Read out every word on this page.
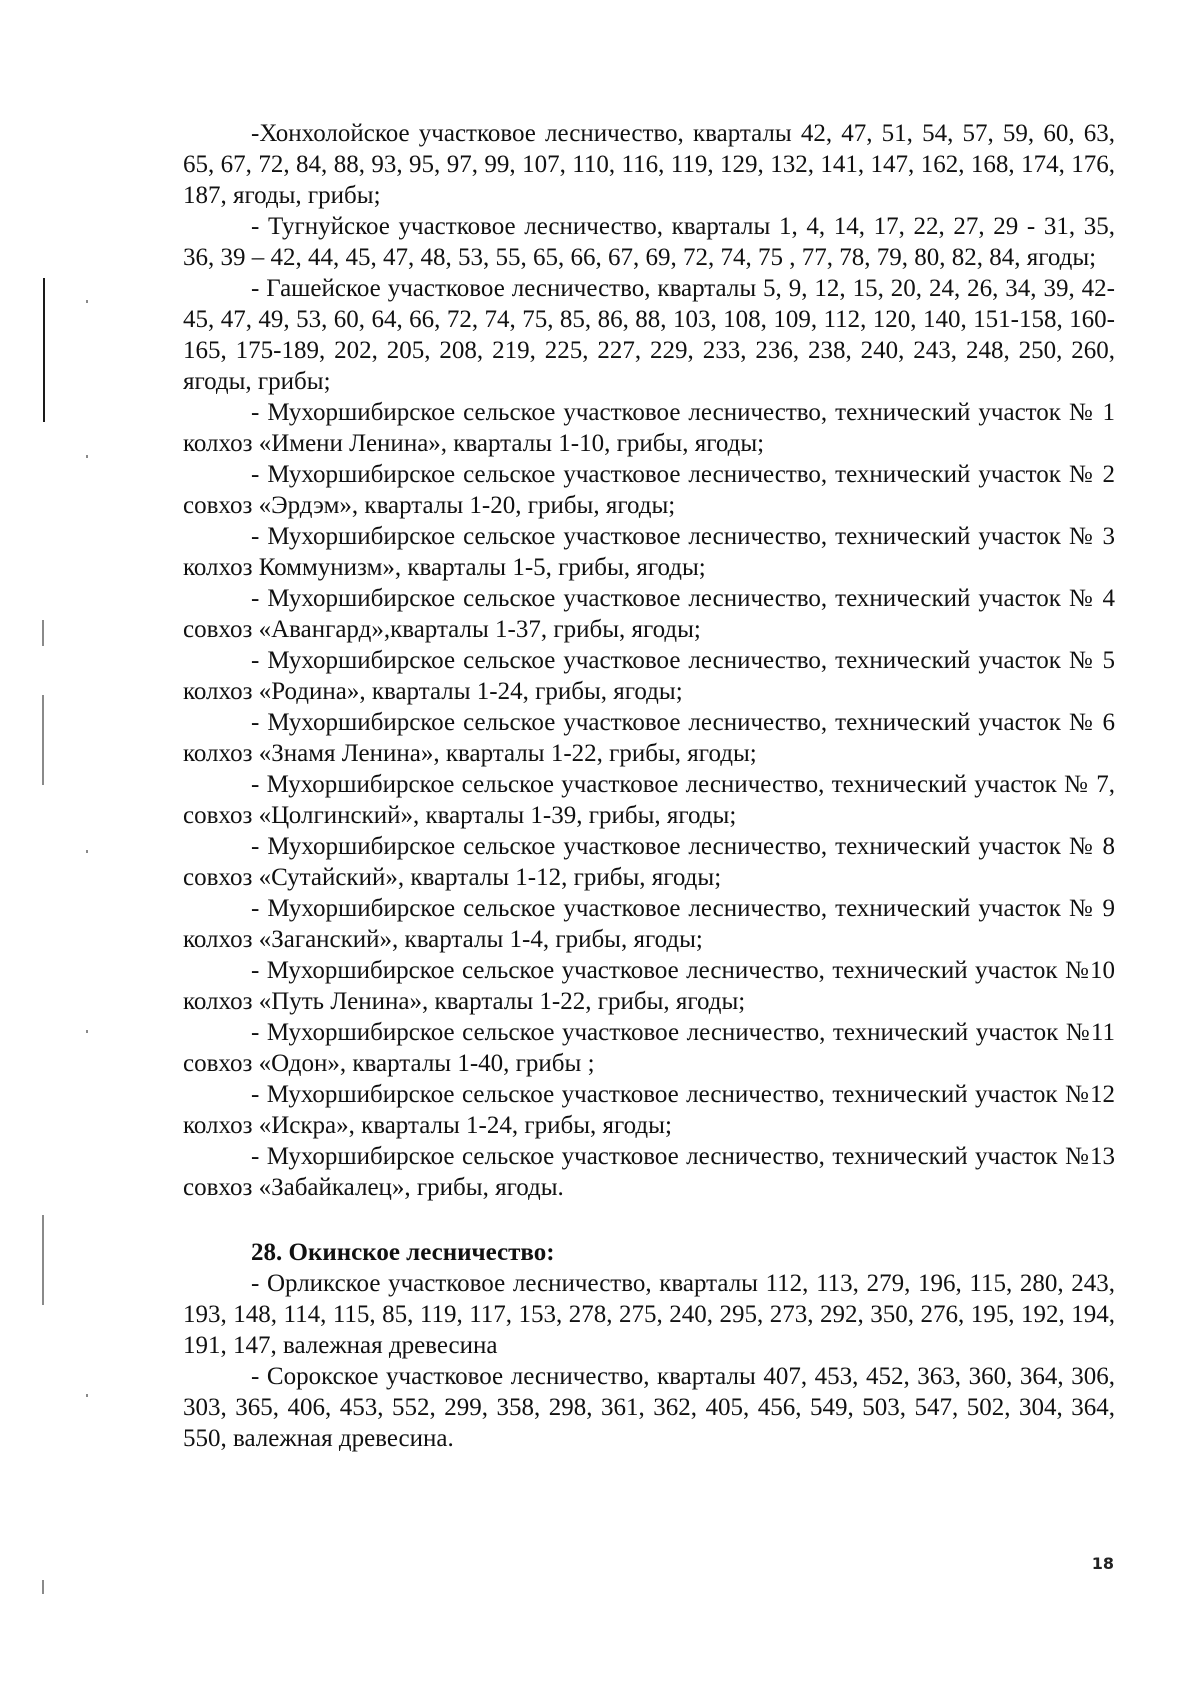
-Хонхолойское участковое лесничество, кварталы 42, 47, 51, 54, 57, 59, 60, 63, 65, 67, 72, 84, 88, 93, 95, 97, 99, 107, 110, 116, 119, 129, 132, 141, 147, 162, 168, 174, 176, 187, ягоды, грибы;

- Тугнуйское участковое лесничество, кварталы 1, 4, 14, 17, 22, 27, 29 - 31, 35, 36, 39 – 42, 44, 45, 47, 48, 53, 55, 65, 66, 67, 69, 72, 74, 75 , 77, 78, 79, 80, 82, 84, ягоды;

- Гашейское участковое лесничество, кварталы 5, 9, 12, 15, 20, 24, 26, 34, 39, 42-45, 47, 49, 53, 60, 64, 66, 72, 74, 75, 85, 86, 88, 103, 108, 109, 112, 120, 140, 151-158, 160-165, 175-189, 202, 205, 208, 219, 225, 227, 229, 233, 236, 238, 240, 243, 248, 250, 260, ягоды, грибы;

- Мухоршибирское сельское участковое лесничество, технический участок № 1 колхоз «Имени Ленина», кварталы 1-10, грибы, ягоды;

- Мухоршибирское сельское участковое лесничество, технический участок № 2 совхоз «Эрдэм», кварталы 1-20, грибы, ягоды;

- Мухоршибирское сельское участковое лесничество, технический участок № 3 колхоз Коммунизм», кварталы 1-5, грибы, ягоды;

- Мухоршибирское сельское участковое лесничество, технический участок № 4 совхоз «Авангард»,кварталы 1-37, грибы, ягоды;

- Мухоршибирское сельское участковое лесничество, технический участок № 5 колхоз «Родина», кварталы 1-24, грибы, ягоды;

- Мухоршибирское сельское участковое лесничество, технический участок № 6 колхоз «Знамя Ленина», кварталы 1-22, грибы, ягоды;

- Мухоршибирское сельское участковое лесничество, технический участок № 7, совхоз «Цолгинский», кварталы 1-39, грибы, ягоды;

- Мухоршибирское сельское участковое лесничество, технический участок № 8 совхоз «Сутайский», кварталы 1-12, грибы, ягоды;

- Мухоршибирское сельское участковое лесничество, технический участок № 9 колхоз «Заганский», кварталы 1-4, грибы, ягоды;

- Мухоршибирское сельское участковое лесничество, технический участок №10 колхоз «Путь Ленина», кварталы 1-22, грибы, ягоды;

- Мухоршибирское сельское участковое лесничество, технический участок №11 совхоз «Одон», кварталы 1-40, грибы ;

- Мухоршибирское сельское участковое лесничество, технический участок №12 колхоз «Искра», кварталы 1-24, грибы, ягоды;

- Мухоршибирское сельское участковое лесничество, технический участок №13 совхоз «Забайкалец», грибы, ягоды.

28. Окинское лесничество:

- Орликское участковое лесничество, кварталы 112, 113, 279, 196, 115, 280, 243, 193, 148, 114, 115, 85, 119, 117, 153, 278, 275, 240, 295, 273, 292, 350, 276, 195, 192, 194, 191, 147, валежная древесина

- Сорокское участковое лесничество, кварталы 407, 453, 452, 363, 360, 364, 306, 303, 365, 406, 453, 552, 299, 358, 298, 361, 362, 405, 456, 549, 503, 547, 502, 304, 364, 550, валежная древесина.

18
